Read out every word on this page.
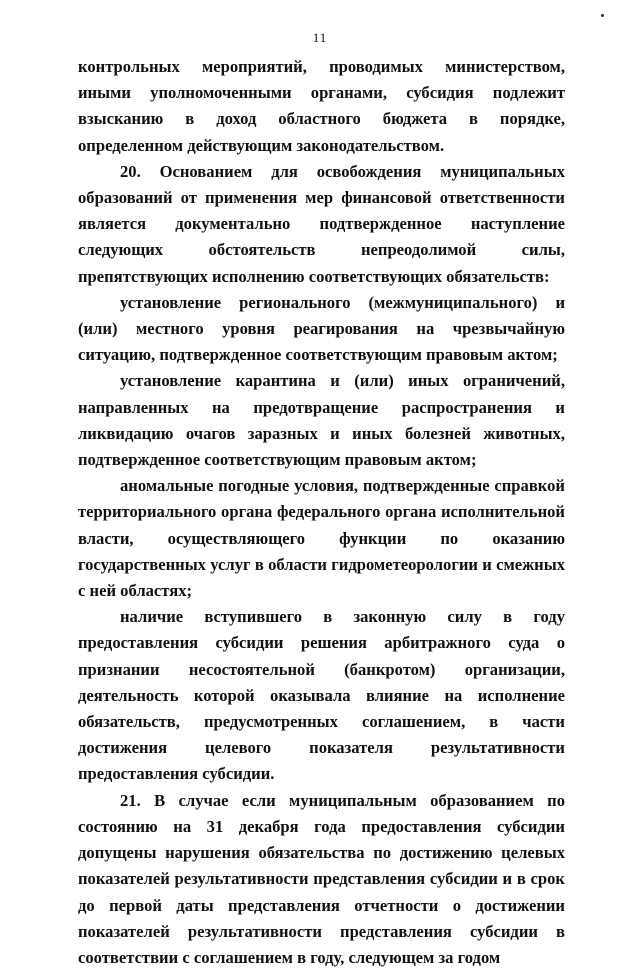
11

контрольных мероприятий, проводимых министерством, иными уполномоченными органами, субсидия подлежит взысканию в доход областного бюджета в порядке, определенном действующим законодательством.

20. Основанием для освобождения муниципальных образований от применения мер финансовой ответственности является документально подтвержденное наступление следующих обстоятельств непреодолимой силы, препятствующих исполнению соответствующих обязательств:

установление регионального (межмуниципального) и (или) местного уровня реагирования на чрезвычайную ситуацию, подтвержденное соответствующим правовым актом;

установление карантина и (или) иных ограничений, направленных на предотвращение распространения и ликвидацию очагов заразных и иных болезней животных, подтвержденное соответствующим правовым актом;

аномальные погодные условия, подтвержденные справкой территориального органа федерального органа исполнительной власти, осуществляющего функции по оказанию государственных услуг в области гидрометеорологии и смежных с ней областях;

наличие вступившего в законную силу в году предоставления субсидии решения арбитражного суда о признании несостоятельной (банкротом) организации, деятельность которой оказывала влияние на исполнение обязательств, предусмотренных соглашением, в части достижения целевого показателя результативности предоставления субсидии.

21. В случае если муниципальным образованием по состоянию на 31 декабря года предоставления субсидии допущены нарушения обязательства по достижению целевых показателей результативности представления субсидии и в срок до первой даты представления отчетности о достижении показателей результативности представления субсидии в соответствии с соглашением в году, следующем за годом
